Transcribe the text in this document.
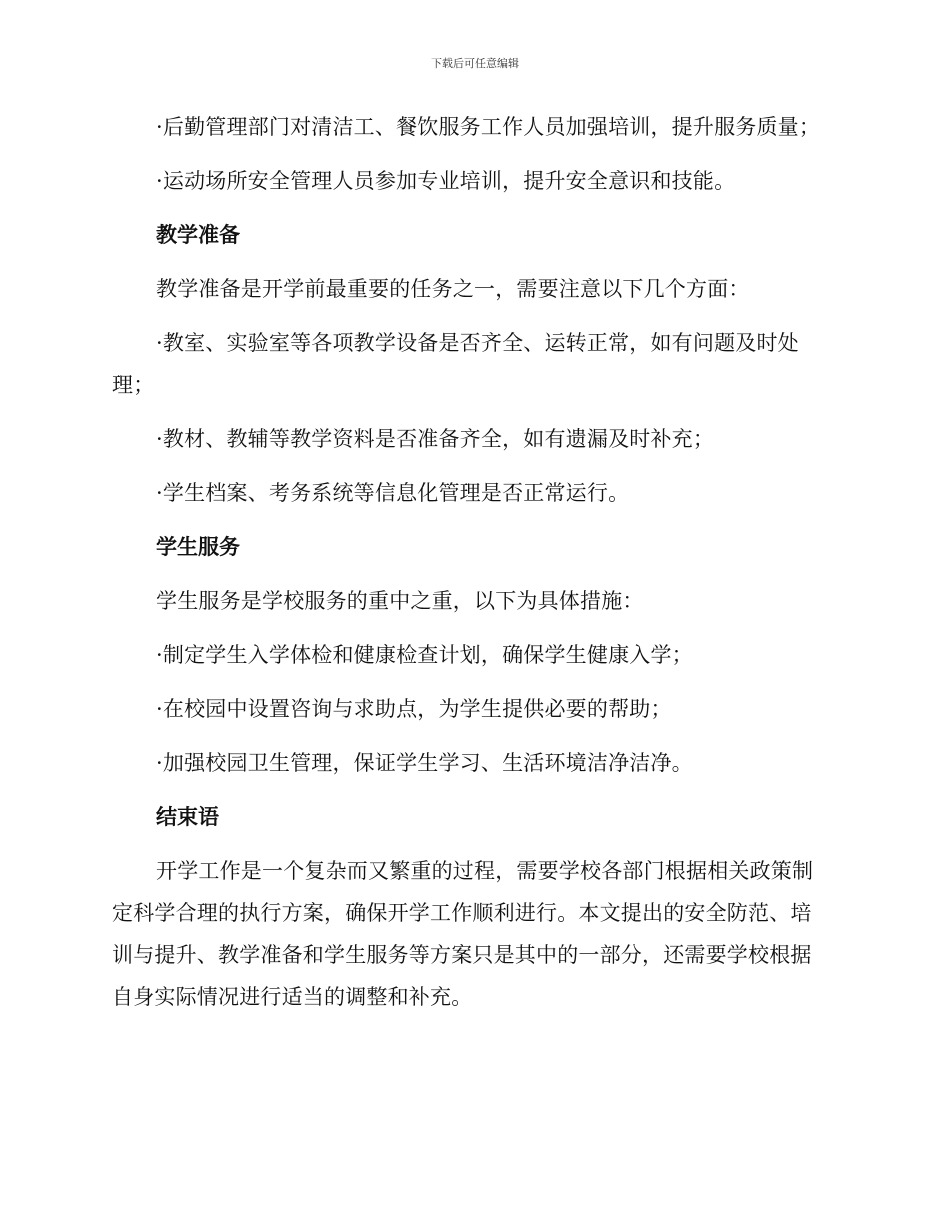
下载后可任意编辑

·后勤管理部门对清洁工、餐饮服务工作人员加强培训，提升服务质量；

·运动场所安全管理人员参加专业培训，提升安全意识和技能。

教学准备

教学准备是开学前最重要的任务之一，需要注意以下几个方面：

·教室、实验室等各项教学设备是否齐全、运转正常，如有问题及时处理；

·教材、教辅等教学资料是否准备齐全，如有遗漏及时补充；

·学生档案、考务系统等信息化管理是否正常运行。

学生服务

学生服务是学校服务的重中之重，以下为具体措施：

·制定学生入学体检和健康检查计划，确保学生健康入学；

·在校园中设置咨询与求助点，为学生提供必要的帮助；

·加强校园卫生管理，保证学生学习、生活环境洁净洁净。

结束语

开学工作是一个复杂而又繁重的过程，需要学校各部门根据相关政策制定科学合理的执行方案，确保开学工作顺利进行。本文提出的安全防范、培训与提升、教学准备和学生服务等方案只是其中的一部分，还需要学校根据自身实际情况进行适当的调整和补充。
